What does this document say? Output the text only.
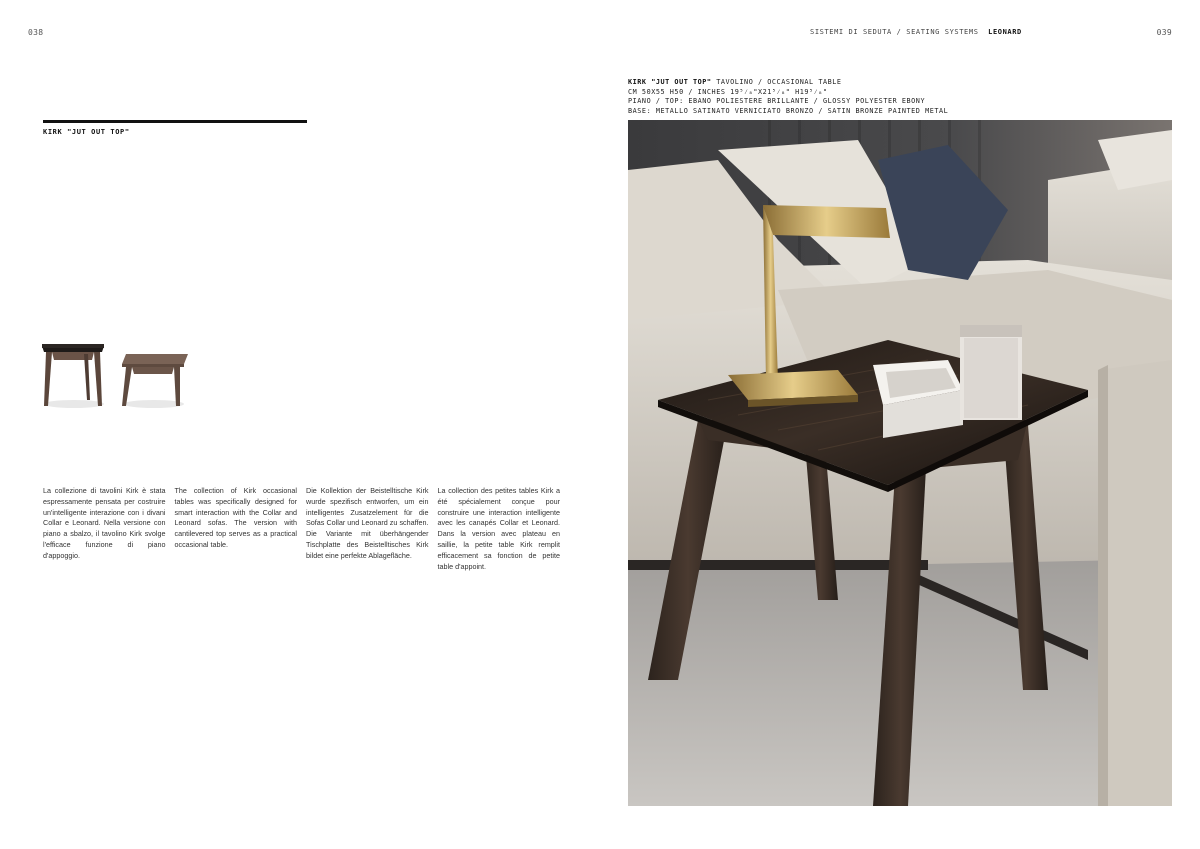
038	SISTEMI DI SEDUTA / SEATING SYSTEMS LEONARD	039
KIRK "JUT OUT TOP"

La collezione di tavolini Kirk è stata espressamente pensata per costruire un'intelligente interazione con i divani Collar e Leonard. Nella versione con piano a sbalzo, il tavolino Kirk svolge l'efficace funzione di piano d'appoggio.

The collection of Kirk occasional tables was specifically designed for smart interaction with the Collar and Leonard sofas. The version with cantilevered top serves as a practical occasional table.

Die Kollektion der Beistelltische Kirk wurde spezifisch entworfen, um ein intelligentes Zusatzelement für die Sofas Collar und Leonard zu schaffen. Die Variante mit überhängender Tischplatte des Beistelltisches Kirk bildet eine perfekte Ablagefläche.

La collection des petites tables Kirk a été spécialement conçue pour construire une interaction intelligente avec les canapés Collar et Leonard. Dans la version avec plateau en saillie, la petite table Kirk remplit efficacement sa fonction de petite table d'appoint.

KIRK "JUT OUT TOP" TAVOLINO / OCCASIONAL TABLE
CM 50X55 H50 / INCHES 19⁵⁄₈"X21⁵⁄₈" H19⁵⁄₈"
PIANO / TOP: EBANO POLIESTERE BRILLANTE / GLOSSY POLYESTER EBONY
BASE: METALLO SATINATO VERNICIATO BRONZO / SATIN BRONZE PAINTED METAL
